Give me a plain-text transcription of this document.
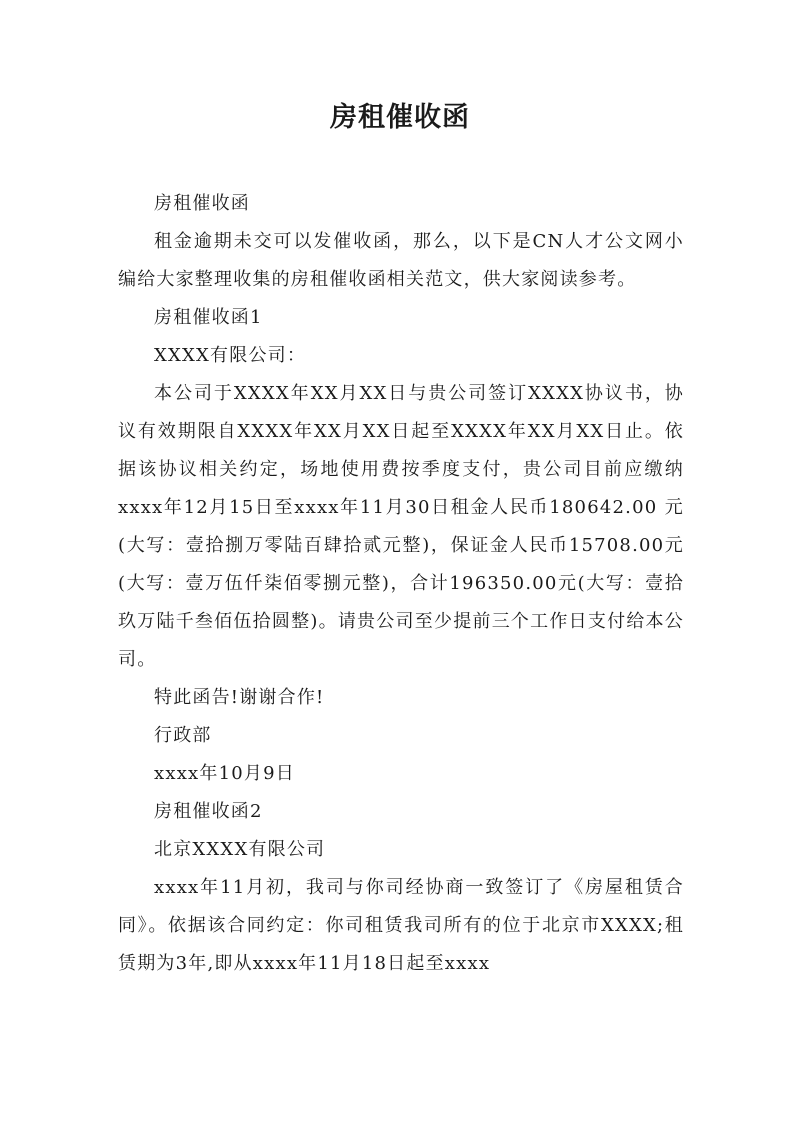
房租催收函

房租催收函

租金逾期未交可以发催收函，那么，以下是CN人才公文网小编给大家整理收集的房租催收函相关范文，供大家阅读参考。

房租催收函1

XXXX有限公司：

本公司于XXXX年XX月XX日与贵公司签订XXXX协议书，协议有效期限自XXXX年XX月XX日起至XXXX年XX月XX日止。依据该协议相关约定，场地使用费按季度支付，贵公司目前应缴纳xxxx年12月15日至xxxx年11月30日租金人民币180642.00 元(大写：壹拾捌万零陆百肆拾贰元整)，保证金人民币15708.00元(大写：壹万伍仟柒佰零捌元整)，合计196350.00元(大写：壹拾玖万陆千叁佰伍拾圆整)。请贵公司至少提前三个工作日支付给本公司。

特此函告!谢谢合作!

行政部

xxxx年10月9日

房租催收函2

北京XXXX有限公司

xxxx年11月初，我司与你司经协商一致签订了《房屋租赁合同》。依据该合同约定：你司租赁我司所有的位于北京市XXXX;租赁期为3年,即从xxxx年11月18日起至xxxx
